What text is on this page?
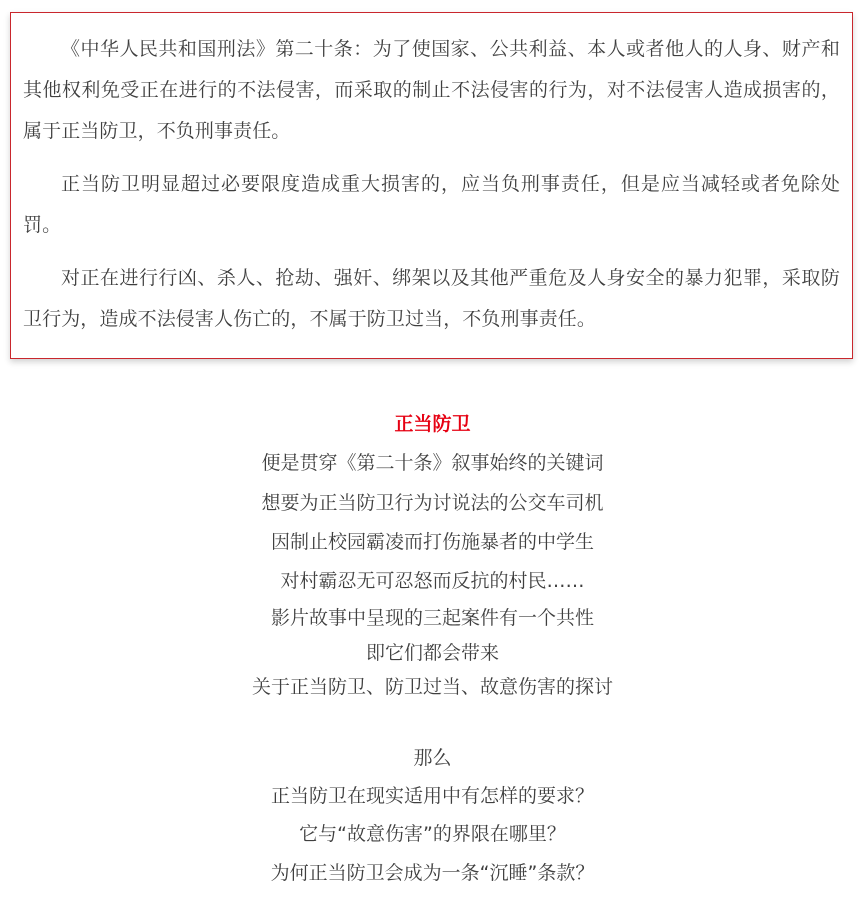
《中华人民共和国刑法》第二十条：为了使国家、公共利益、本人或者他人的人身、财产和其他权利免受正在进行的不法侵害，而采取的制止不法侵害的行为，对不法侵害人造成损害的，属于正当防卫，不负刑事责任。

正当防卫明显超过必要限度造成重大损害的，应当负刑事责任，但是应当减轻或者免除处罚。

对正在进行行凶、杀人、抢劫、强奸、绑架以及其他严重危及人身安全的暴力犯罪，采取防卫行为，造成不法侵害人伤亡的，不属于防卫过当，不负刑事责任。

正当防卫
便是贯穿《第二十条》叙事始终的关键词
想要为正当防卫行为讨说法的公交车司机
因制止校园霸凌而打伤施暴者的中学生
对村霸忍无可忍怒而反抗的村民……
影片故事中呈现的三起案件有一个共性
即它们都会带来
关于正当防卫、防卫过当、故意伤害的探讨
那么
正当防卫在现实适用中有怎样的要求？
它与“故意伤害”的界限在哪里？
为何正当防卫会成为一条“沉睡”条款？
